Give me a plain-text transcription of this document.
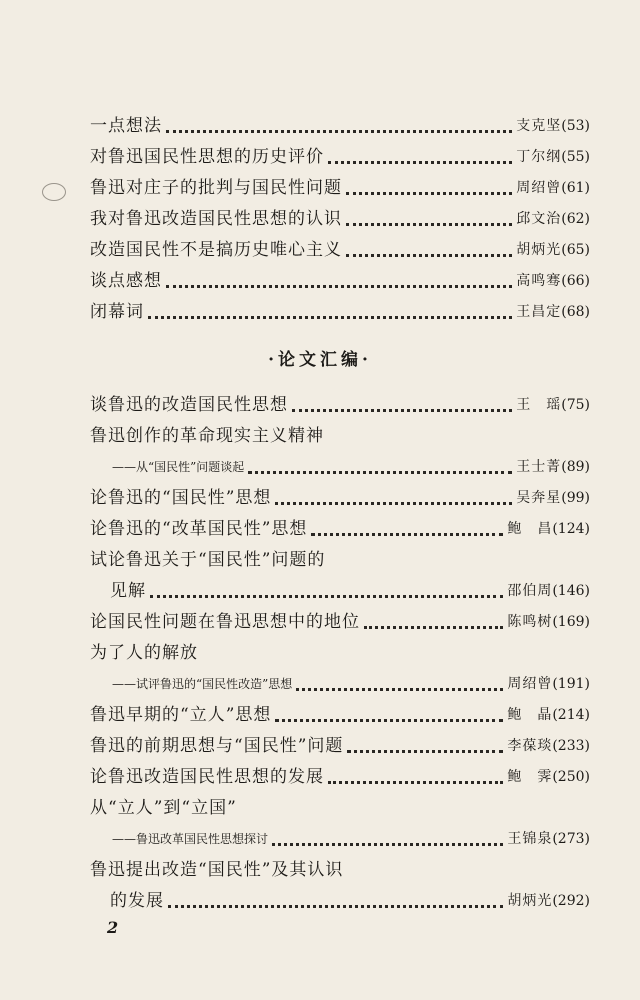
一点想法	支克坚 (53)
对鲁迅国民性思想的历史评价	丁尔纲 (55)
鲁迅对庄子的批判与国民性问题	周绍曾 (61)
我对鲁迅改造国民性思想的认识	邱文治 (62)
改造国民性不是搞历史唯心主义	胡炳光 (65)
谈点感想	高鸣骞 (66)
闭幕词	王昌定 (68)
·论文汇编·
谈鲁迅的改造国民性思想	王　瑶 (75)
鲁迅创作的革命现实主义精神
——从“国民性”问题谈起	王士菁 (89)
论鲁迅的“国民性”思想	吴奔星 (99)
论鲁迅的“改革国民性”思想	鲍　昌 (124)
试论鲁迅关于“国民性”问题的
见解	邵伯周 (146)
论国民性问题在鲁迅思想中的地位	陈鸣树 (169)
为了人的解放
——试评鲁迅的“国民性改造”思想	周绍曾 (191)
鲁迅早期的“立人”思想	鲍　晶 (214)
鲁迅的前期思想与“国民性”问题	李葆琰 (233)
论鲁迅改造国民性思想的发展	鲍　霁 (250)
从“立人”到“立国”
——鲁迅改革国民性思想探讨	王锦泉 (273)
鲁迅提出改造“国民性”及其认识
的发展	胡炳光 (292)
2
